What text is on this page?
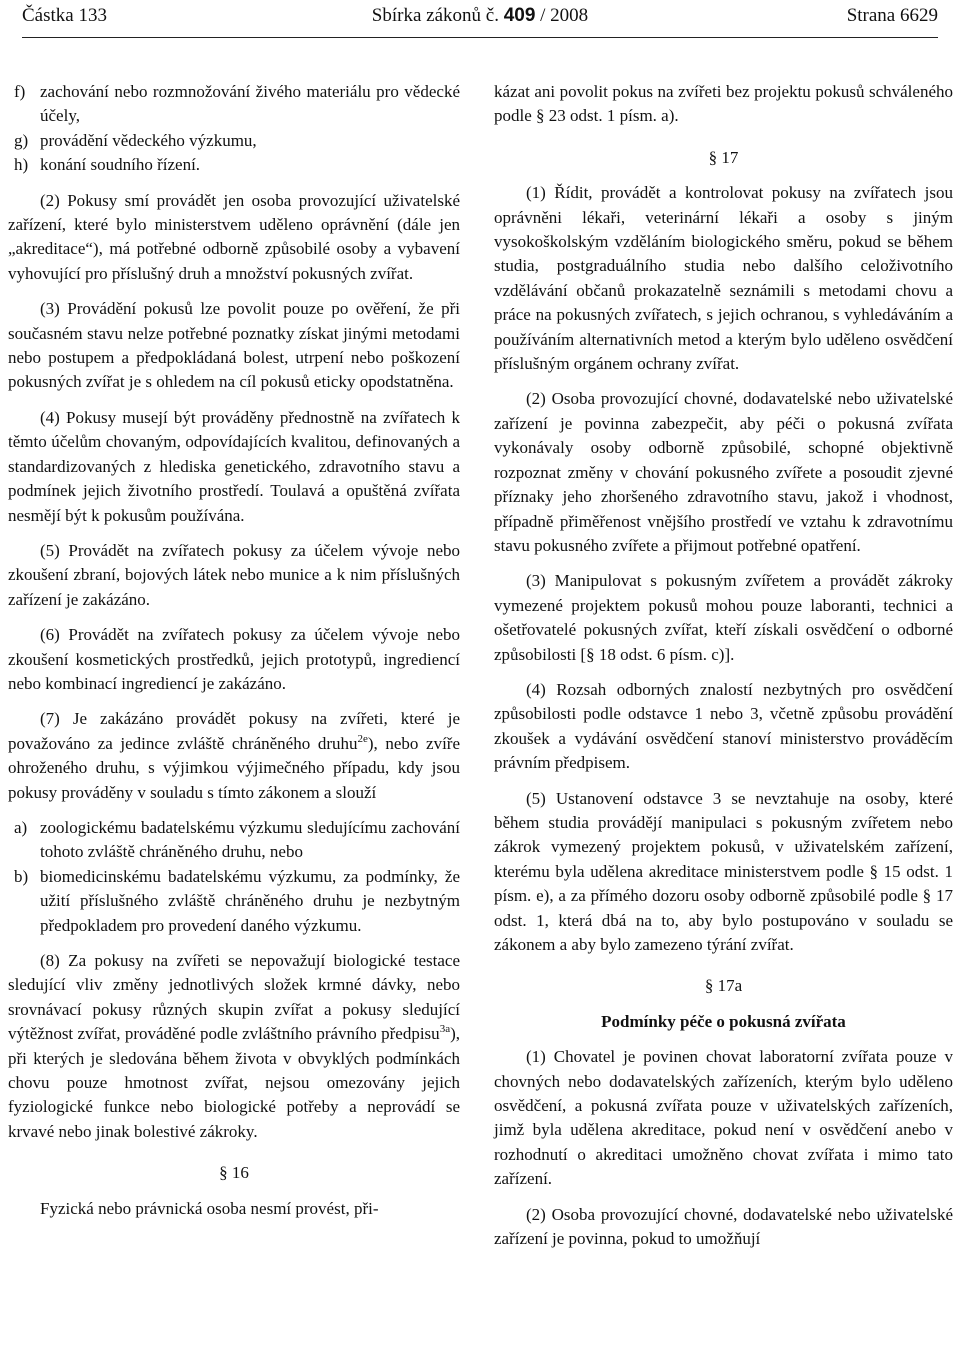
Částka 133	Sbírka zákonů č. 409 / 2008	Strana 6629
f) zachování nebo rozmnožování živého materiálu pro vědecké účely,
g) provádění vědeckého výzkumu,
h) konání soudního řízení.

(2) Pokusy smí provádět jen osoba provozující uživatelské zařízení, které bylo ministerstvem uděleno oprávnění (dále jen „akreditace“), má potřebné odborně způsobilé osoby a vybavení vyhovující pro příslušný druh a množství pokusných zvířat.

(3) Provádění pokusů lze povolit pouze po ověření, že při současném stavu nelze potřebné poznatky získat jinými metodami nebo postupem a předpokládaná bolest, utrpení nebo poškození pokusných zvířat je s ohledem na cíl pokusů eticky opodstatněna.

(4) Pokusy musejí být prováděny přednostně na zvířatech k těmto účelům chovaným, odpovídajících kvalitou, definovaných a standardizovaných z hlediska genetického, zdravotního stavu a podmínek jejich životního prostředí. Toulavá a opuštěná zvířata nesmějí být k pokusům používána.

(5) Provádět na zvířatech pokusy za účelem vývoje nebo zkoušení zbraní, bojových látek nebo munice a k nim příslušných zařízení je zakázáno.

(6) Provádět na zvířatech pokusy za účelem vývoje nebo zkoušení kosmetických prostředků, jejich prototypů, ingrediencí nebo kombinací ingrediencí je zakázáno.

(7) Je zakázáno provádět pokusy na zvířeti, které je považováno za jedince zvláště chráněného druhu$^{2e}$), nebo zvíře ohroženého druhu, s výjimkou výjimečného případu, kdy jsou pokusy prováděny v souladu s tímto zákonem a slouží

a) zoologickému badatelskému výzkumu sledujícímu zachování tohoto zvláště chráněného druhu, nebo
b) biomedicinskému badatelskému výzkumu, za podmínky, že užití příslušného zvláště chráněného druhu je nezbytným předpokladem pro provedení daného výzkumu.

(8) Za pokusy na zvířeti se nepovažují biologické testace sledující vliv změny jednotlivých složek krmné dávky, nebo srovnávací pokusy různých skupin zvířat a pokusy sledující výtěžnost zvířat, prováděné podle zvláštního právního předpisu$^{3a}$), při kterých je sledována během života v obvyklých podmínkách chovu pouze hmotnost zvířat, nejsou omezovány jejich fyziologické funkce nebo biologické potřeby a neprovádí se krvavé nebo jinak bolestivé zákroky.

§ 16

Fyzická nebo právnická osoba nesmí provést, při-

kázat ani povolit pokus na zvířeti bez projektu pokusů schváleného podle § 23 odst. 1 písm. a).

§ 17

(1) Řídit, provádět a kontrolovat pokusy na zvířatech jsou oprávněni lékaři, veterinární lékaři a osoby s jiným vysokoškolským vzděláním biologického směru, pokud se během studia, postgraduálního studia nebo dalšího celoživotního vzdělávání občanů prokazatelně seznámili s metodami chovu a práce na pokusných zvířatech, s jejich ochranou, s vyhledáváním a používáním alternativních metod a kterým bylo uděleno osvědčení příslušným orgánem ochrany zvířat.

(2) Osoba provozující chovné, dodavatelské nebo uživatelské zařízení je povinna zabezpečit, aby péči o pokusná zvířata vykonávaly osoby odborně způsobilé, schopné objektivně rozpoznat změny v chování pokusného zvířete a posoudit zjevné příznaky jeho zhoršeného zdravotního stavu, jakož i vhodnost, případně přiměřenost vnějšího prostředí ve vztahu k zdravotnímu stavu pokusného zvířete a přijmout potřebné opatření.

(3) Manipulovat s pokusným zvířetem a provádět zákroky vymezené projektem pokusů mohou pouze laboranti, technici a ošetřovatelé pokusných zvířat, kteří získali osvědčení o odborné způsobilosti [§ 18 odst. 6 písm. c)].

(4) Rozsah odborných znalostí nezbytných pro osvědčení způsobilosti podle odstavce 1 nebo 3, včetně způsobu provádění zkoušek a vydávání osvědčení stanoví ministerstvo prováděcím právním předpisem.

(5) Ustanovení odstavce 3 se nevztahuje na osoby, které během studia provádějí manipulaci s pokusným zvířetem nebo zákrok vymezený projektem pokusů, v uživatelském zařízení, kterému byla udělena akreditace ministerstvem podle § 15 odst. 1 písm. e), a za přímého dozoru osoby odborně způsobilé podle § 17 odst. 1, která dbá na to, aby bylo postupováno v souladu se zákonem a aby bylo zamezeno týrání zvířat.

§ 17a

Podmínky péče o pokusná zvířata

(1) Chovatel je povinen chovat laboratorní zvířata pouze v chovných nebo dodavatelských zařízeních, kterým bylo uděleno osvědčení, a pokusná zvířata pouze v uživatelských zařízeních, jimž byla udělena akreditace, pokud není v osvědčení anebo v rozhodnutí o akreditaci umožněno chovat zvířata i mimo tato zařízení.

(2) Osoba provozující chovné, dodavatelské nebo uživatelské zařízení je povinna, pokud to umožňují
